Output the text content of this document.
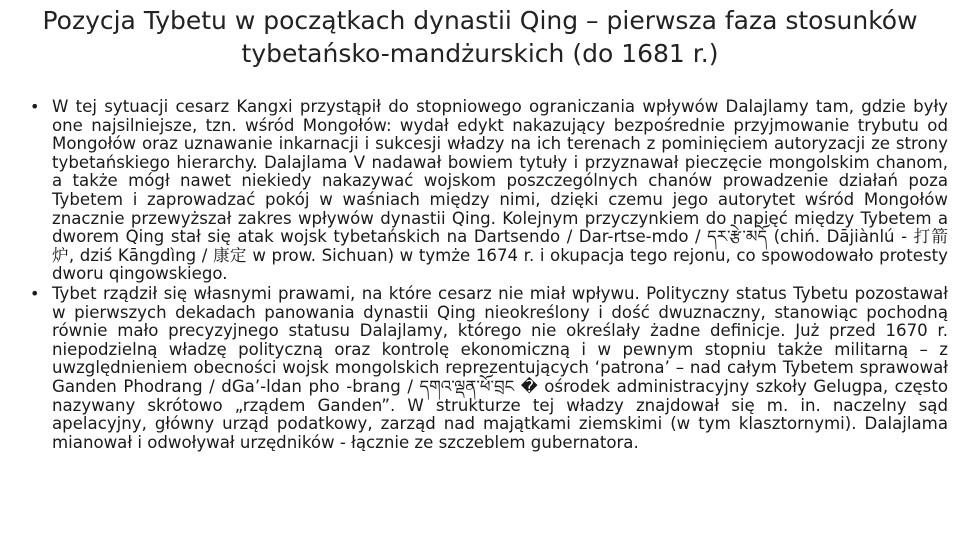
Pozycja Tybetu w początkach dynastii Qing – pierwsza faza stosunków
tybetańsko-mandżurskich (do 1681 r.)
• W tej sytuacji cesarz Kangxi przystąpił do stopniowego ograniczania wpływów Dalajlamy tam, gdzie były one najsilniejsze, tzn. wśród Mongołów: wydał edykt nakazujący bezpośrednie przyjmowanie trybutu od Mongołów oraz uznawanie inkarnacji i sukcesji władzy na ich terenach z pominięciem autoryzacji ze strony tybetańskiego hierarchy. Dalajlama V nadawał bowiem tytuły i przyznawał pieczęcie mongolskim chanom, a także mógł nawet niekiedy nakazywać wojskom poszczególnych chanów prowadzenie działań poza Tybetem i zaprowadzać pokój w waśniach między nimi, dzięki czemu jego autorytet wśród Mongołów znacznie przewyższał zakres wpływów dynastii Qing. Kolejnym przyczynkiem do napięć między Tybetem a dworem Qing stał się atak wojsk tybetańskich na Dartsendo / Dar-rtse-mdo / དར་རྩེ་མདོ (chiń. Dājiànlú - 打箭炉, dziś Kāngdìng / 康定 w prow. Sichuan) w tymże 1674 r. i okupacja tego rejonu, co spowodowało protesty dworu qingowskiego.
• Tybet rządził się własnymi prawami, na które cesarz nie miał wpływu. Polityczny status Tybetu pozostawał w pierwszych dekadach panowania dynastii Qing nieokreślony i dość dwuznaczny, stanowiąc pochodną równie mało precyzyjnego statusu Dalajlamy, którego nie określały żadne definicje. Już przed 1670 r. niepodzielną władzę polityczną oraz kontrolę ekonomiczną i w pewnym stopniu także militarną – z uwzględnieniem obecności wojsk mongolskich reprezentujących ‘patrona’ – nad całym Tybetem sprawował Ganden Phodrang / dGa’-ldan pho -brang / དགའ་ལྡན་ཕོ་བྲང � ośrodek administracyjny szkoły Gelugpa, często nazywany skrótowo „rządem Ganden”. W strukturze tej władzy znajdował się m. in. naczelny sąd apelacyjny, główny urząd podatkowy, zarząd nad majątkami ziemskimi (w tym klasztornymi). Dalajlama mianował i odwoływał urzędników - łącznie ze szczeblem gubernatora.
